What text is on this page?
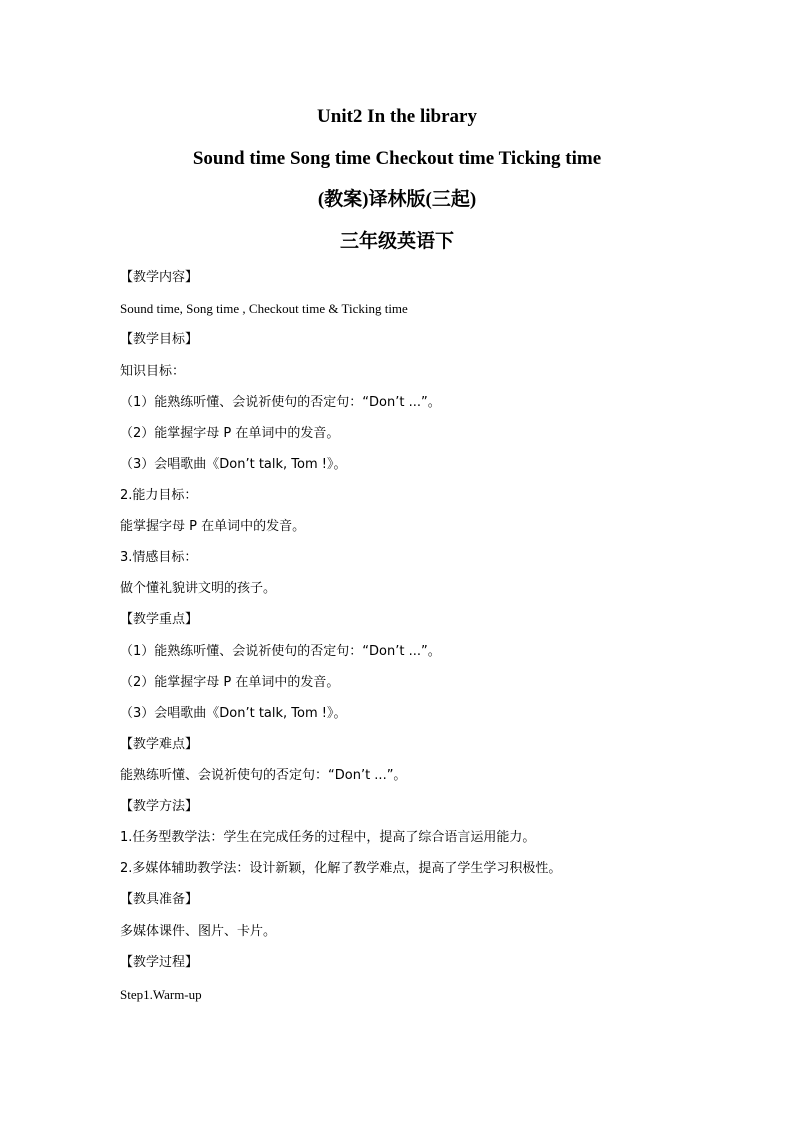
Unit2 In the library
Sound time Song time Checkout time Ticking time
(教案)译林版(三起)
三年级英语下
【教学内容】
Sound time, Song time , Checkout time & Ticking time
【教学目标】
知识目标：
（1）能熟练听懂、会说祈使句的否定句：“Don’t ...”。
（2）能掌握字母 P 在单词中的发音。
（3）会唱歌曲《Don’t talk, Tom !》。
2.能力目标：
能掌握字母 P 在单词中的发音。
3.情感目标：
做个懂礼貌讲文明的孩子。
【教学重点】
（1）能熟练听懂、会说祈使句的否定句：“Don’t ...”。
（2）能掌握字母 P 在单词中的发音。
（3）会唱歌曲《Don’t talk, Tom !》。
【教学难点】
能熟练听懂、会说祈使句的否定句：“Don’t ...”。
【教学方法】
1.任务型教学法：学生在完成任务的过程中，提高了综合语言运用能力。
2.多媒体辅助教学法：设计新颖，化解了教学难点，提高了学生学习积极性。
【教具准备】
多媒体课件、图片、卡片。
【教学过程】
Step1.Warm-up
